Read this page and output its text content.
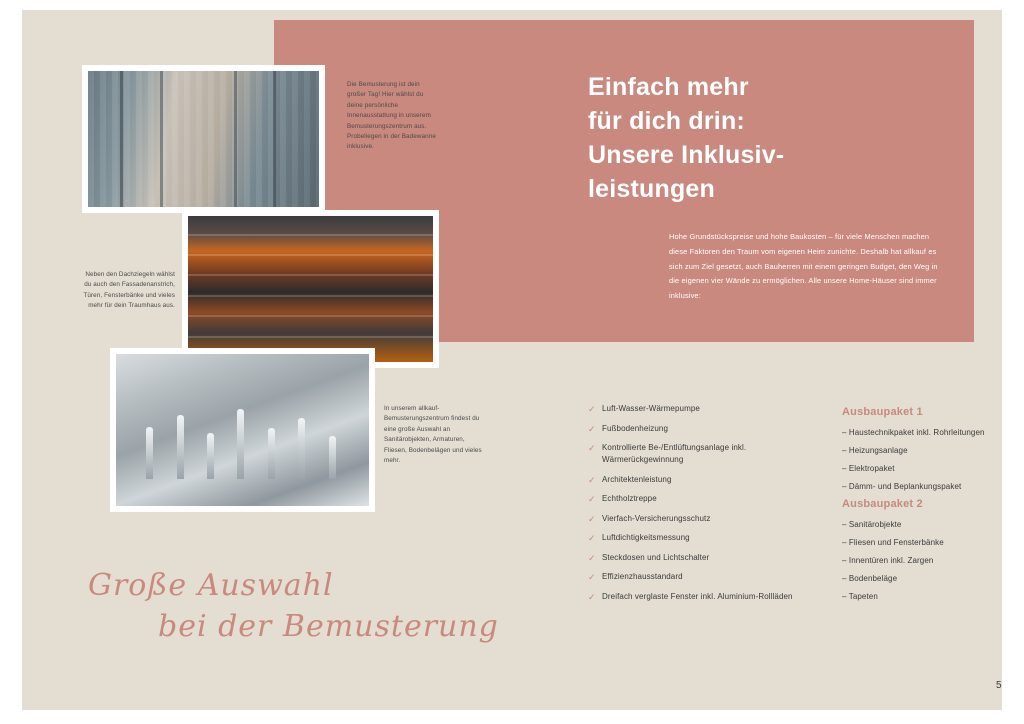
Die Bemusterung ist dein großer Tag! Hier wählst du deine persönliche Innenausstattung in unserem Bemusterungszentrum aus. Probeliegen in der Badewanne inklusive.
Neben den Dachziegeln wählst du auch den Fassadenanstrich, Türen, Fensterbänke und vieles mehr für dein Traumhaus aus.
In unserem allkauf-Bemusterungszentrum findest du eine große Auswahl an Sanitärobjekten, Armaturen, Fliesen, Bodenbelägen und vieles mehr.
Einfach mehr
für dich drin:
Unsere Inklusiv-
leistungen
Hohe Grundstückspreise und hohe Baukosten – für viele Menschen machen diese Faktoren den Traum vom eigenen Heim zunichte. Deshalb hat allkauf es sich zum Ziel gesetzt, auch Bauherren mit einem geringen Budget, den Weg in die eigenen vier Wände zu ermöglichen. Alle unsere Home-Häuser sind immer inklusive:
✓ Luft-Wasser-Wärmepumpe
✓ Fußbodenheizung
✓ Kontrollierte Be-/Entlüftungsanlage inkl. Wärmerückgewinnung
✓ Architektenleistung
✓ Echtholztreppe
✓ Vierfach-Versicherungsschutz
✓ Luftdichtigkeitsmessung
✓ Steckdosen und Lichtschalter
✓ Effizienzhausstandard
✓ Dreifach verglaste Fenster inkl. Aluminium-Rollläden
Ausbaupaket 1
– Haustechnikpaket inkl. Rohrleitungen
– Heizungsanlage
– Elektropaket
– Dämm- und Beplankungspaket
Ausbaupaket 2
– Sanitärobjekte
– Fliesen und Fensterbänke
– Innentüren inkl. Zargen
– Bodenbeläge
– Tapeten
Große Auswahl
bei der Bemusterung
5
